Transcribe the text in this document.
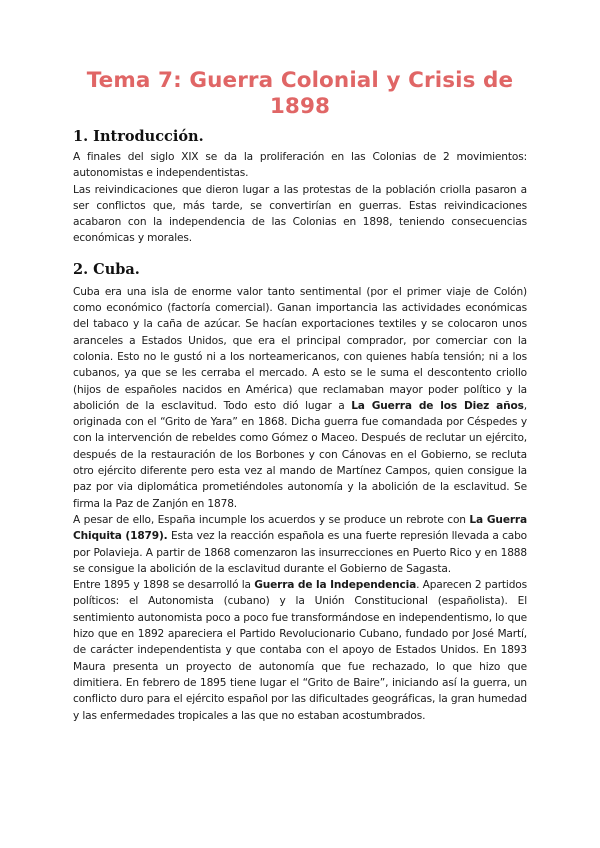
Tema 7: Guerra Colonial y Crisis de 1898
1. Introducción.

A finales del siglo XIX se da la proliferación en las Colonias de 2 movimientos: autonomistas e independentistas.

Las reivindicaciones que dieron lugar a las protestas de la población criolla pasaron a ser conflictos que, más tarde, se convertirían en guerras. Estas reivindicaciones acabaron con la independencia de las Colonias en 1898, teniendo consecuencias económicas y morales.

2. Cuba.

Cuba era una isla de enorme valor tanto sentimental (por el primer viaje de Colón) como económico (factoría comercial). Ganan importancia las actividades económicas del tabaco y la caña de azúcar. Se hacían exportaciones textiles y se colocaron unos aranceles a Estados Unidos, que era el principal comprador, por comerciar con la colonia. Esto no le gustó ni a los norteamericanos, con quienes había tensión; ni a los cubanos, ya que se les cerraba el mercado. A esto se le suma el descontento criollo (hijos de españoles nacidos en América) que reclamaban mayor poder político y la abolición de la esclavitud. Todo esto dió lugar a La Guerra de los Diez años, originada con el “Grito de Yara” en 1868. Dicha guerra fue comandada por Céspedes y con la intervención de rebeldes como Gómez o Maceo. Después de reclutar un ejército, después de la restauración de los Borbones y con Cánovas en el Gobierno, se recluta otro ejército diferente pero esta vez al mando de Martínez Campos, quien consigue la paz por via diplomática prometiéndoles autonomía y la abolición de la esclavitud. Se firma la Paz de Zanjón en 1878.

A pesar de ello, España incumple los acuerdos y se produce un rebrote con La Guerra Chiquita (1879). Esta vez la reacción española es una fuerte represión llevada a cabo por Polavieja. A partir de 1868 comenzaron las insurrecciones en Puerto Rico y en 1888 se consigue la abolición de la esclavitud durante el Gobierno de Sagasta.

Entre 1895 y 1898 se desarrolló la Guerra de la Independencia. Aparecen 2 partidos políticos: el Autonomista (cubano) y la Unión Constitucional (españolista). El sentimiento autonomista poco a poco fue transformándose en independentismo, lo que hizo que en 1892 apareciera el Partido Revolucionario Cubano, fundado por José Martí, de carácter independentista y que contaba con el apoyo de Estados Unidos. En 1893 Maura presenta un proyecto de autonomía que fue rechazado, lo que hizo que dimitiera. En febrero de 1895 tiene lugar el “Grito de Baire”, iniciando así la guerra, un conflicto duro para el ejército español por las dificultades geográficas, la gran humedad y las enfermedades tropicales a las que no estaban acostumbrados.
